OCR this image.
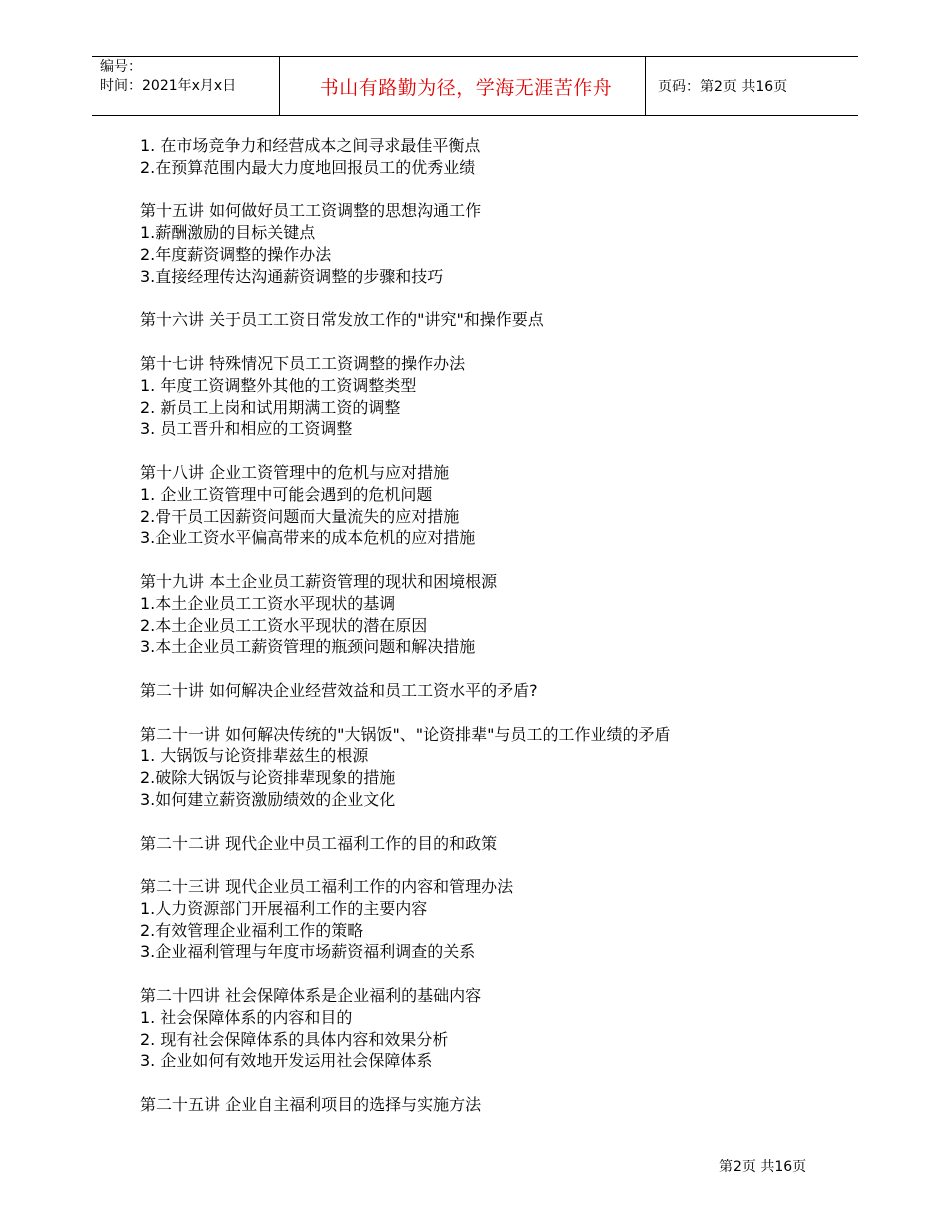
编号：
时间：2021年x月x日	书山有路勤为径，学海无涯苦作舟	页码：第2页 共16页
1. 在市场竞争力和经营成本之间寻求最佳平衡点
2.在预算范围内最大力度地回报员工的优秀业绩
第十五讲 如何做好员工工资调整的思想沟通工作
1.薪酬激励的目标关键点
2.年度薪资调整的操作办法
3.直接经理传达沟通薪资调整的步骤和技巧
第十六讲 关于员工工资日常发放工作的"讲究"和操作要点
第十七讲 特殊情况下员工工资调整的操作办法
1. 年度工资调整外其他的工资调整类型
2. 新员工上岗和试用期满工资的调整
3. 员工晋升和相应的工资调整
第十八讲 企业工资管理中的危机与应对措施
1. 企业工资管理中可能会遇到的危机问题
2.骨干员工因薪资问题而大量流失的应对措施
3.企业工资水平偏高带来的成本危机的应对措施
第十九讲 本土企业员工薪资管理的现状和困境根源
1.本土企业员工工资水平现状的基调
2.本土企业员工工资水平现状的潜在原因
3.本土企业员工薪资管理的瓶颈问题和解决措施
第二十讲 如何解决企业经营效益和员工工资水平的矛盾?
第二十一讲 如何解决传统的"大锅饭"、"论资排辈"与员工的工作业绩的矛盾
1. 大锅饭与论资排辈兹生的根源
2.破除大锅饭与论资排辈现象的措施
3.如何建立薪资激励绩效的企业文化
第二十二讲 现代企业中员工福利工作的目的和政策
第二十三讲 现代企业员工福利工作的内容和管理办法
1.人力资源部门开展福利工作的主要内容
2.有效管理企业福利工作的策略
3.企业福利管理与年度市场薪资福利调查的关系
第二十四讲 社会保障体系是企业福利的基础内容
1. 社会保障体系的内容和目的
2. 现有社会保障体系的具体内容和效果分析
3. 企业如何有效地开发运用社会保障体系
第二十五讲 企业自主福利项目的选择与实施方法
第2页 共16页
